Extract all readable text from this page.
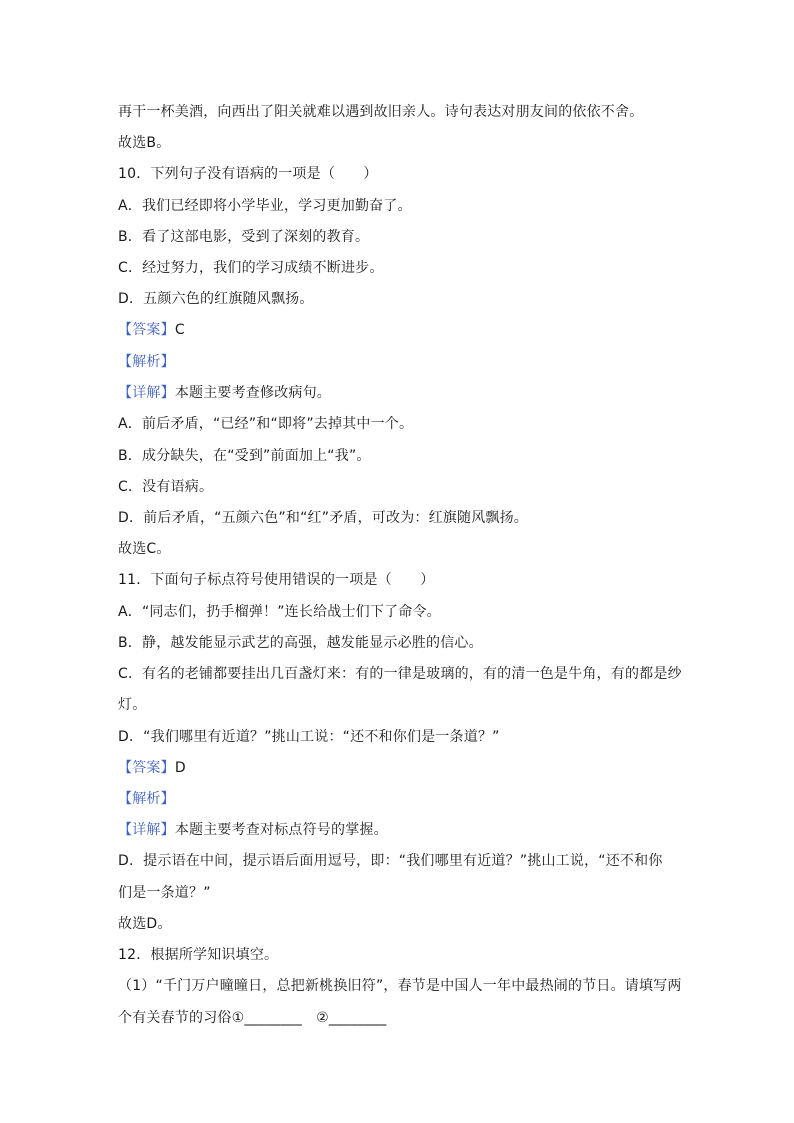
再干一杯美酒，向西出了阳关就难以遇到故旧亲人。诗句表达对朋友间的依依不舍。
故选B。
10．下列句子没有语病的一项是（　　）
A．我们已经即将小学毕业，学习更加勤奋了。
B．看了这部电影，受到了深刻的教育。
C．经过努力，我们的学习成绩不断进步。
D．五颜六色的红旗随风飘扬。
【答案】C
【解析】
【详解】本题主要考查修改病句。
A．前后矛盾，“已经”和“即将”去掉其中一个。
B．成分缺失，在“受到”前面加上“我”。
C．没有语病。
D．前后矛盾，“五颜六色”和“红”矛盾，可改为：红旗随风飘扬。
故选C。
11．下面句子标点符号使用错误的一项是（　　）
A．“同志们，扔手榴弹！”连长给战士们下了命令。
B．静，越发能显示武艺的高强，越发能显示必胜的信心。
C．有名的老铺都要挂出几百盏灯来：有的一律是玻璃的，有的清一色是牛角，有的都是纱
灯。
D．“我们哪里有近道？”挑山工说：“还不和你们是一条道？”
【答案】D
【解析】
【详解】本题主要考查对标点符号的掌握。
D．提示语在中间，提示语后面用逗号，即：“我们哪里有近道？”挑山工说，“还不和你
们是一条道？”
故选D。
12．根据所学知识填空。
（1）“千门万户曈曈日，总把新桃换旧符”，春节是中国人一年中最热闹的节日。请填写两
个有关春节的习俗①________　②________
